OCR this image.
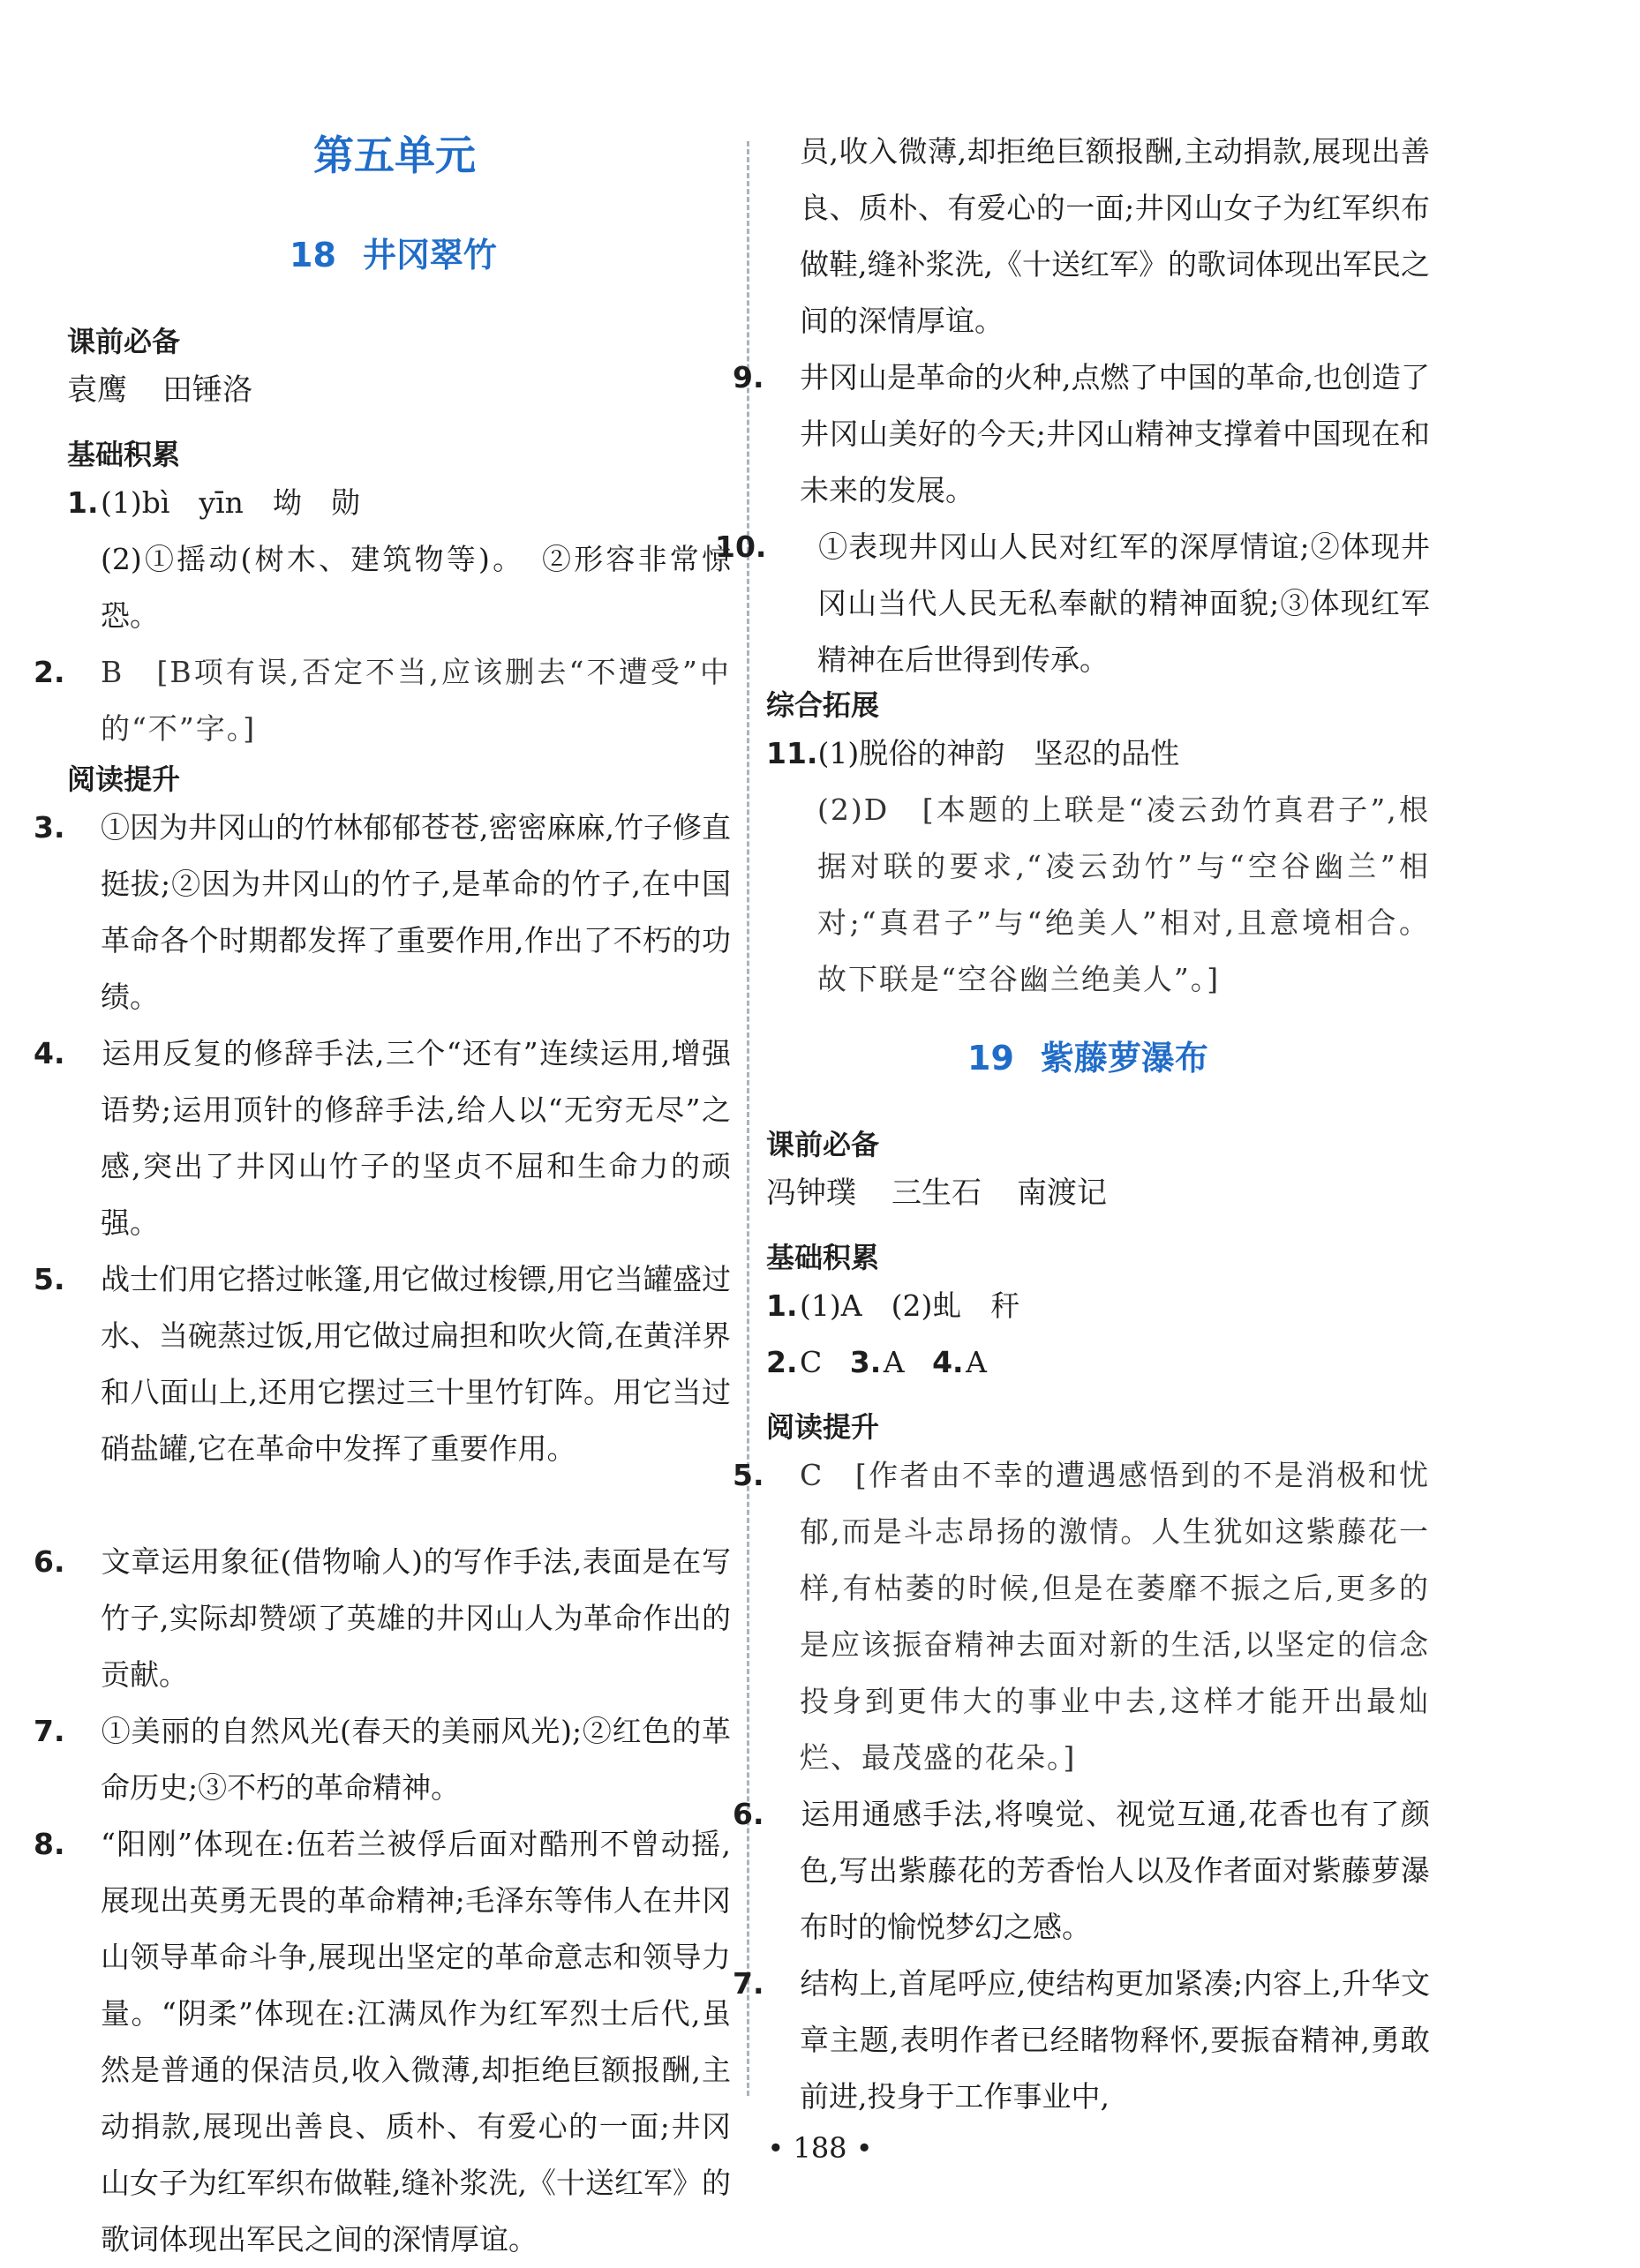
第五单元
18 井冈翠竹
课前必备

袁鹰 田锤洛

基础积累

1.(1)bì　yīn　坳　勋

(2)①摇动(树木、建筑物等)。　②形容非常惊恐。

2. B　[B项有误,否定不当,应该删去“不遭受”中的“不”字。]

阅读提升

3. ①因为井冈山的竹林郁郁苍苍,密密麻麻,竹子修直挺拔;②因为井冈山的竹子,是革命的竹子,在中国革命各个时期都发挥了重要作用,作出了不朽的功绩。

4. 运用反复的修辞手法,三个“还有”连续运用,增强语势;运用顶针的修辞手法,给人以“无穷无尽”之感,突出了井冈山竹子的坚贞不屈和生命力的顽强。

5. 战士们用它搭过帐篷,用它做过梭镖,用它当罐盛过水、当碗蒸过饭,用它做过扁担和吹火筒,在黄洋界和八面山上,还用它摆过三十里竹钉阵。用它当过硝盐罐,它在革命中发挥了重要作用。

6. 文章运用象征(借物喻人)的写作手法,表面是在写竹子,实际却赞颂了英雄的井冈山人为革命作出的贡献。

7. ①美丽的自然风光(春天的美丽风光);②红色的革命历史;③不朽的革命精神。

8. “阳刚”体现在:伍若兰被俘后面对酷刑不曾动摇,展现出英勇无畏的革命精神;毛泽东等伟人在井冈山领导革命斗争,展现出坚定的革命意志和领导力量。“阴柔”体现在:江满凤作为红军烈士后代,虽然是普通的保洁员,收入微薄,却拒绝巨额报酬,主动捐款,展现出善良、质朴、有爱心的一面;井冈山女子为红军织布做鞋,缝补浆洗,《十送红军》的歌词体现出军民之间的深情厚谊。

员,收入微薄,却拒绝巨额报酬,主动捐款,展现出善良、质朴、有爱心的一面;井冈山女子为红军织布做鞋,缝补浆洗,《十送红军》的歌词体现出军民之间的深情厚谊。

9. 井冈山是革命的火种,点燃了中国的革命,也创造了井冈山美好的今天;井冈山精神支撑着中国现在和未来的发展。

10. ①表现井冈山人民对红军的深厚情谊;②体现井冈山当代人民无私奉献的精神面貌;③体现红军精神在后世得到传承。

综合拓展

11.(1)脱俗的神韵　坚忍的品性

(2)D　[本题的上联是“凌云劲竹真君子”,根据对联的要求,“凌云劲竹”与“空谷幽兰”相对;“真君子”与“绝美人”相对,且意境相合。故下联是“空谷幽兰绝美人”。]

19 紫藤萝瀑布
课前必备

冯钟璞 三生石 南渡记

基础积累

1.(1)A　(2)虬　秆

2.C 3.A 4.A

阅读提升

5. C　[作者由不幸的遭遇感悟到的不是消极和忧郁,而是斗志昂扬的激情。人生犹如这紫藤花一样,有枯萎的时候,但是在萎靡不振之后,更多的是应该振奋精神去面对新的生活,以坚定的信念投身到更伟大的事业中去,这样才能开出最灿烂、最茂盛的花朵。]

6. 运用通感手法,将嗅觉、视觉互通,花香也有了颜色,写出紫藤花的芳香怡人以及作者面对紫藤萝瀑布时的愉悦梦幻之感。

7. 结构上,首尾呼应,使结构更加紧凑;内容上,升华文章主题,表明作者已经睹物释怀,要振奋精神,勇敢前进,投身于工作事业中,

• 188 •
